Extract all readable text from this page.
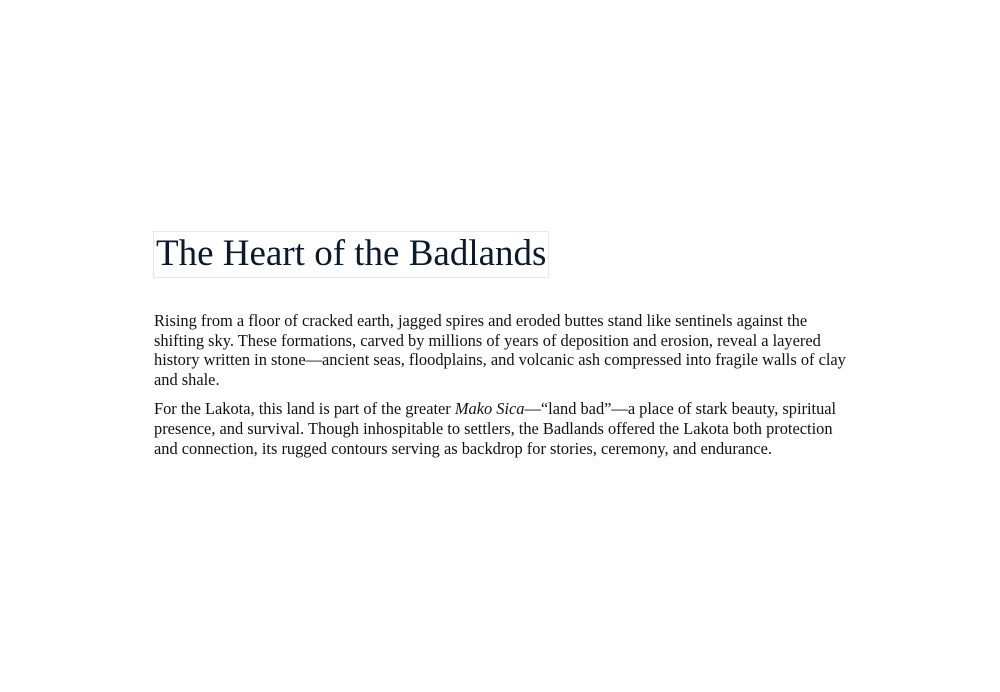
The Heart of the Badlands

Rising from a floor of cracked earth, jagged spires and eroded buttes stand like sentinels against the shifting sky. These formations, carved by millions of years of deposition and erosion, reveal a layered history written in stone—ancient seas, floodplains, and volcanic ash compressed into fragile walls of clay and shale.

For the Lakota, this land is part of the greater Mako Sica—“land bad”—a place of stark beauty, spiritual presence, and survival. Though inhospitable to settlers, the Badlands offered the Lakota both protection and connection, its rugged contours serving as backdrop for stories, ceremony, and endurance.
